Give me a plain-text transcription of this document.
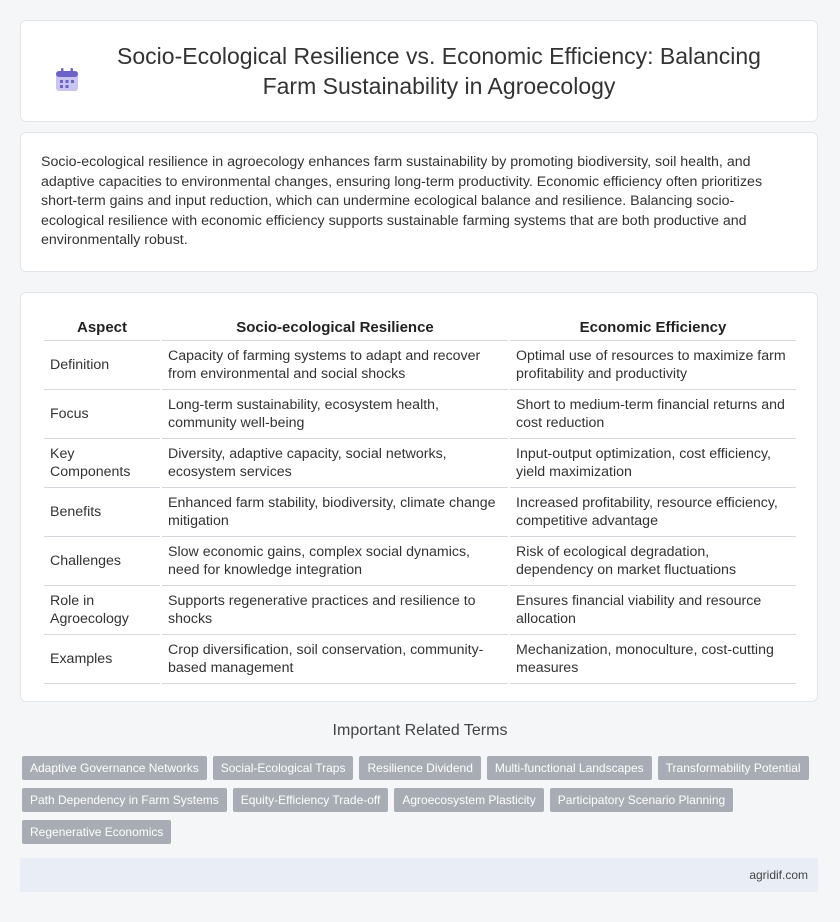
Socio-Ecological Resilience vs. Economic Efficiency: Balancing Farm Sustainability in Agroecology

Socio-ecological resilience in agroecology enhances farm sustainability by promoting biodiversity, soil health, and adaptive capacities to environmental changes, ensuring long-term productivity. Economic efficiency often prioritizes short-term gains and input reduction, which can undermine ecological balance and resilience. Balancing socio-ecological resilience with economic efficiency supports sustainable farming systems that are both productive and environmentally robust.

Aspect	Socio-ecological Resilience	Economic Efficiency
Definition	Capacity of farming systems to adapt and recover from environmental and social shocks	Optimal use of resources to maximize farm profitability and productivity
Focus	Long-term sustainability, ecosystem health, community well-being	Short to medium-term financial returns and cost reduction
Key Components	Diversity, adaptive capacity, social networks, ecosystem services	Input-output optimization, cost efficiency, yield maximization
Benefits	Enhanced farm stability, biodiversity, climate change mitigation	Increased profitability, resource efficiency, competitive advantage
Challenges	Slow economic gains, complex social dynamics, need for knowledge integration	Risk of ecological degradation, dependency on market fluctuations
Role in Agroecology	Supports regenerative practices and resilience to shocks	Ensures financial viability and resource allocation
Examples	Crop diversification, soil conservation, community-based management	Mechanization, monoculture, cost-cutting measures
Important Related Terms
Adaptive Governance Networks	Social-Ecological Traps	Resilience Dividend	Multi-functional Landscapes	Transformability Potential
Path Dependency in Farm Systems	Equity-Efficiency Trade-off	Agroecosystem Plasticity	Participatory Scenario Planning
Regenerative Economics
agridif.com
